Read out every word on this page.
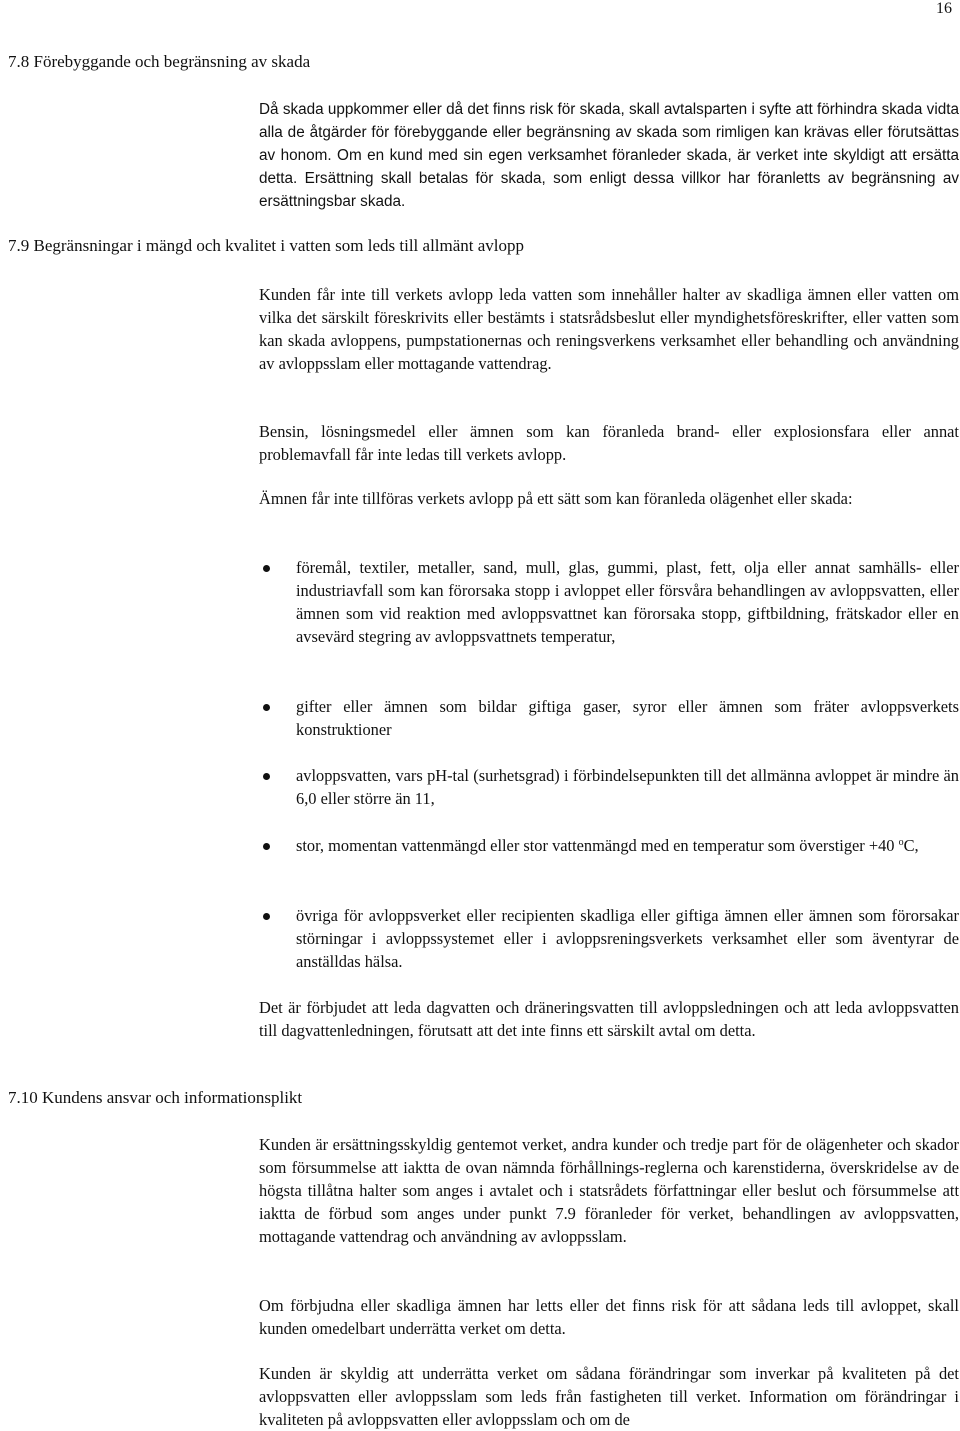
16
7.8 Förebyggande och begränsning av skada

Då skada uppkommer eller då det finns risk för skada, skall avtalsparten i syfte att förhindra skada vidta alla de åtgärder för förebyggande eller begränsning av skada som rimligen kan krävas eller förutsättas av honom. Om en kund med sin egen verksamhet föranleder skada, är verket inte skyldigt att ersätta detta. Ersättning skall betalas för skada, som enligt dessa villkor har föranletts av begränsning av ersättningsbar skada.

7.9 Begränsningar i mängd och kvalitet i vatten som leds till allmänt avlopp

Kunden får inte till verkets avlopp leda vatten som innehåller halter av skadliga ämnen eller vatten om vilka det särskilt föreskrivits eller bestämts i statsrådsbeslut eller myndighetsföreskrifter, eller vatten som kan skada avloppens, pumpstationernas och reningsverkens verksamhet eller behandling och användning av avloppsslam eller mottagande vattendrag.

Bensin, lösningsmedel eller ämnen som kan föranleda brand- eller explosionsfara eller annat problemavfall får inte ledas till verkets avlopp.

Ämnen får inte tillföras verkets avlopp på ett sätt som kan föranleda olägenhet eller skada:

föremål, textiler, metaller, sand, mull, glas, gummi, plast, fett, olja eller annat samhälls- eller industriavfall som kan förorsaka stopp i avloppet eller försvåra behandlingen av avloppsvatten, eller ämnen som vid reaktion med avloppsvattnet kan förorsaka stopp, giftbildning, frätskador eller en avsevärd stegring av avloppsvattnets temperatur,
gifter eller ämnen som bildar giftiga gaser, syror eller ämnen som fräter avloppsverkets konstruktioner
avloppsvatten, vars pH-tal (surhetsgrad) i förbindelsepunkten till det allmänna avloppet är mindre än 6,0 eller större än 11,
stor, momentan vattenmängd eller stor vattenmängd med en temperatur som överstiger +40 $^o$C,
övriga för avloppsverket eller recipienten skadliga eller giftiga ämnen eller ämnen som förorsakar störningar i avloppssystemet eller i avloppsreningsverkets verksamhet eller som äventyrar de anställdas hälsa.

Det är förbjudet att leda dagvatten och dräneringsvatten till avloppsledningen och att leda avloppsvatten till dagvattenledningen, förutsatt att det inte finns ett särskilt avtal om detta.

7.10 Kundens ansvar och informationsplikt

Kunden är ersättningsskyldig gentemot verket, andra kunder och tredje part för de olägenheter och skador som försummelse att iaktta de ovan nämnda förhållnings-reglerna och karenstiderna, överskridelse av de högsta tillåtna halter som anges i avtalet och i statsrådets författningar eller beslut och försummelse att iaktta de förbud som anges under punkt 7.9 föranleder för verket, behandlingen av avloppsvatten, mottagande vattendrag och användning av avloppsslam.

Om förbjudna eller skadliga ämnen har letts eller det finns risk för att sådana leds till avloppet, skall kunden omedelbart underrätta verket om detta.

Kunden är skyldig att underrätta verket om sådana förändringar som inverkar på kvaliteten på det avloppsvatten eller avloppsslam som leds från fastigheten till verket. Information om förändringar i kvaliteten på avloppsvatten eller avloppsslam och om de
